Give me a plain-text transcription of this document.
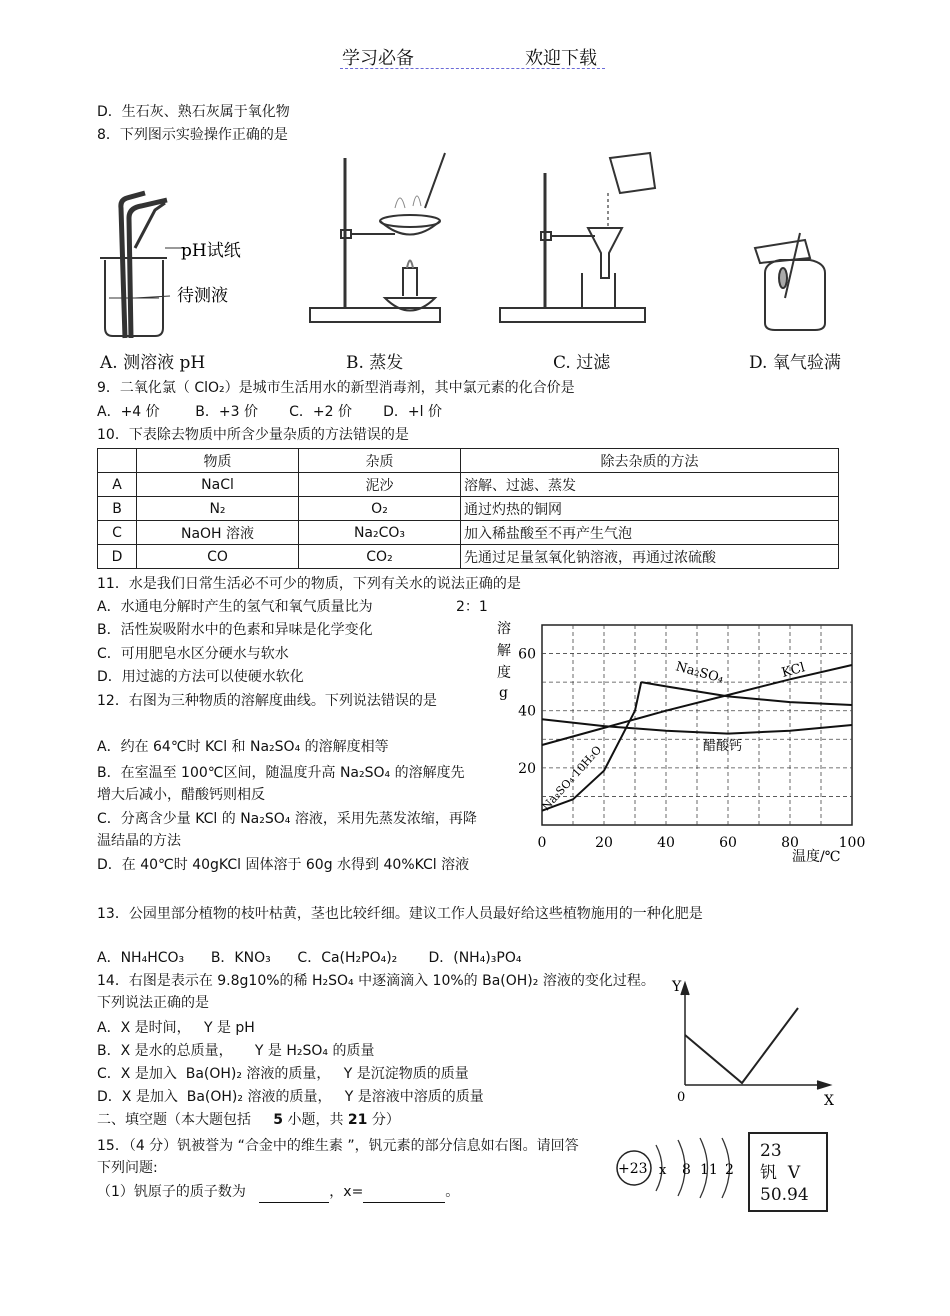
学习必备	欢迎下载
D．生石灰、熟石灰属于氧化物
8．下列图示实验操作正确的是
pH试纸
待测液
A. 测溶液 pH	B. 蒸发	C. 过滤	D. 氧气验满
9．二氧化氯（ ClO₂）是城市生活用水的新型消毒剂，其中氯元素的化合价是
A．+4 价        B．+3 价       C．+2 价       D．+l 价
10．下表除去物质中所含少量杂质的方法错误的是
	物质	杂质	除去杂质的方法
A	NaCl	泥沙	溶解、过滤、蒸发
B	N₂	O₂	通过灼热的铜网
C	NaOH 溶液	Na₂CO₃	加入稀盐酸至不再产生气泡
D	CO	CO₂	先通过足量氢氧化钠溶液，再通过浓硫酸
11．水是我们日常生活必不可少的物质，下列有关水的说法正确的是
A．水通电分解时产生的氢气和氧气质量比为	2：1
B．活性炭吸附水中的色素和异味是化学变化
C．可用肥皂水区分硬水与软水
D．用过滤的方法可以使硬水软化
12．右图为三种物质的溶解度曲线。下列说法错误的是
A．约在 64℃时 KCl 和 Na₂SO₄ 的溶解度相等
B．在室温至 100℃区间，随温度升高 Na₂SO₄ 的溶解度先增大后减小，醋酸钙则相反
C．分离含少量 KCl 的 Na₂SO₄ 溶液，采用先蒸发浓缩，再降温结晶的方法
D．在 40℃时 40gKCl 固体溶于 60g 水得到 40%KCl 溶液
0	20	40	60	80	100
20
40
60
溶
解
度
g
温度/℃
Na₂SO₄	KCl
醋酸钙
Na₂SO₄·10H₂O
13．公园里部分植物的枝叶枯黄，茎也比较纤细。建议工作人员最好给这些植物施用的一种化肥是
A．NH₄HCO₃      B．KNO₃      C．Ca(H₂PO₄)₂       D．(NH₄)₃PO₄
14．右图是表示在 9.8g10%的稀 H₂SO₄ 中逐滴滴入 10%的 Ba(OH)₂ 溶液的变化过程。下列说法正确的是
A．X 是时间，   Y 是 pH
B．X 是水的总质量，     Y 是 H₂SO₄ 的质量
C．X 是加入  Ba(OH)₂ 溶液的质量，   Y 是沉淀物质的质量
D．X 是加入  Ba(OH)₂ 溶液的质量，   Y 是溶液中溶质的质量
Y
0	X
二、填空题（本大题包括 5 小题，共 21 分）
15．（4 分）钒被誉为 “合金中的维生素 ”，钒元素的部分信息如右图。请回答下列问题:
（1）钒原子的质子数为	，x=	。
+23 x 8 11 2
23
钒 V
50.94
